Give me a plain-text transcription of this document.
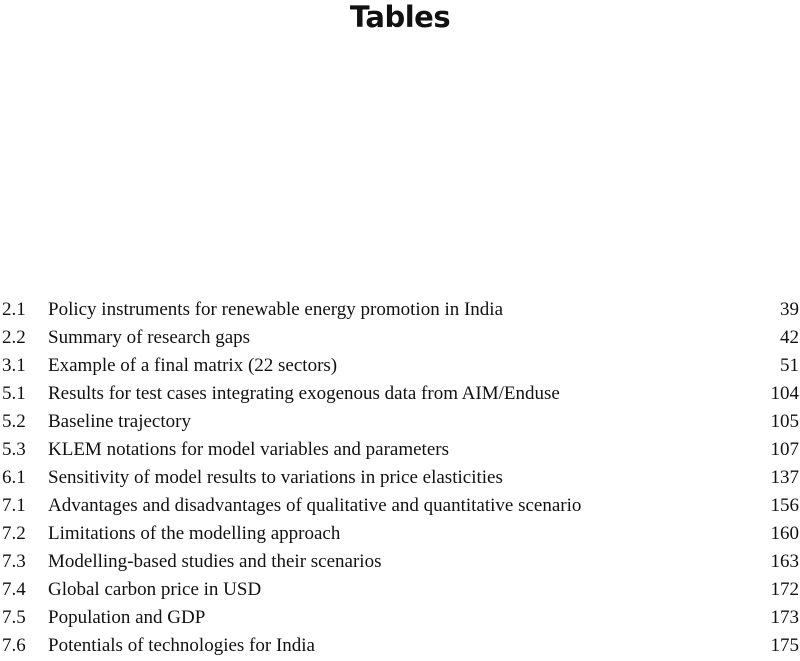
Tables
2.1 Policy instruments for renewable energy promotion in India	39
2.2 Summary of research gaps	42
3.1 Example of a final matrix (22 sectors)	51
5.1 Results for test cases integrating exogenous data from AIM/Enduse	104
5.2 Baseline trajectory	105
5.3 KLEM notations for model variables and parameters	107
6.1 Sensitivity of model results to variations in price elasticities	137
7.1 Advantages and disadvantages of qualitative and quantitative scenario	156
7.2 Limitations of the modelling approach	160
7.3 Modelling-based studies and their scenarios	163
7.4 Global carbon price in USD	172
7.5 Population and GDP	173
7.6 Potentials of technologies for India	175
